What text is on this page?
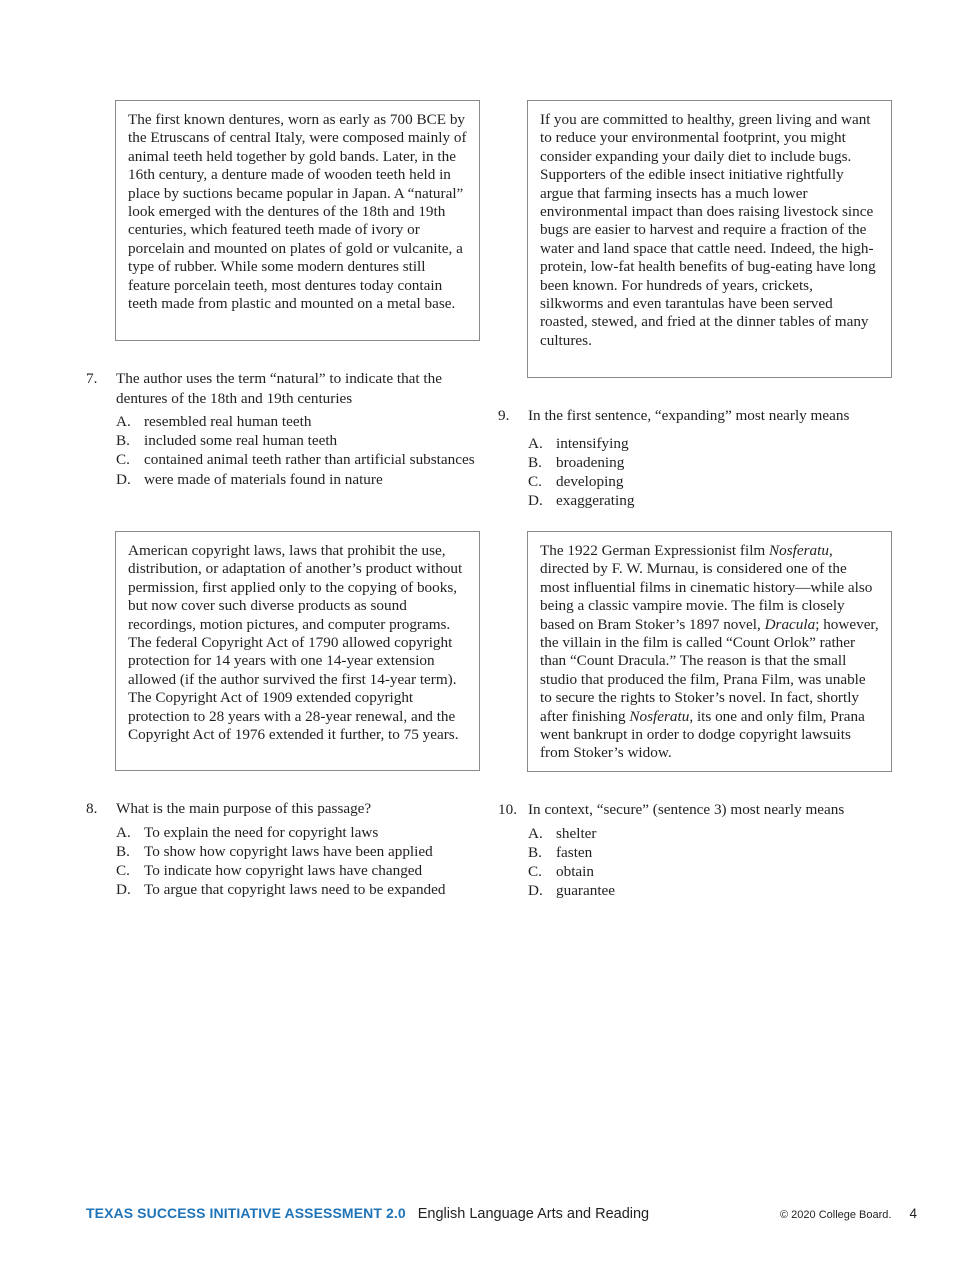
The first known dentures, worn as early as 700 BCE by the Etruscans of central Italy, were composed mainly of animal teeth held together by gold bands. Later, in the 16th century, a denture made of wooden teeth held in place by suctions became popular in Japan. A “natural” look emerged with the dentures of the 18th and 19th centuries, which featured teeth made of ivory or porcelain and mounted on plates of gold or vulcanite, a type of rubber. While some modern dentures still feature porcelain teeth, most dentures today contain teeth made from plastic and mounted on a metal base.
If you are committed to healthy, green living and want to reduce your environmental footprint, you might consider expanding your daily diet to include bugs. Supporters of the edible insect initiative rightfully argue that farming insects has a much lower environmental impact than does raising livestock since bugs are easier to harvest and require a fraction of the water and land space that cattle need. Indeed, the high-protein, low-fat health benefits of bug-eating have long been known. For hundreds of years, crickets, silkworms and even tarantulas have been served roasted, stewed, and fried at the dinner tables of many cultures.
American copyright laws, laws that prohibit the use, distribution, or adaptation of another’s product without permission, first applied only to the copying of books, but now cover such diverse products as sound recordings, motion pictures, and computer programs. The federal Copyright Act of 1790 allowed copyright protection for 14 years with one 14-year extension allowed (if the author survived the first 14-year term). The Copyright Act of 1909 extended copyright protection to 28 years with a 28-year renewal, and the Copyright Act of 1976 extended it further, to 75 years.
The 1922 German Expressionist film Nosferatu, directed by F. W. Murnau, is considered one of the most influential films in cinematic history—while also being a classic vampire movie. The film is closely based on Bram Stoker’s 1897 novel, Dracula; however, the villain in the film is called “Count Orlok” rather than “Count Dracula.” The reason is that the small studio that produced the film, Prana Film, was unable to secure the rights to Stoker’s novel. In fact, shortly after finishing Nosferatu, its one and only film, Prana went bankrupt in order to dodge copyright lawsuits from Stoker’s widow.
7. The author uses the term “natural” to indicate that the dentures of the 18th and 19th centuries
A. resembled real human teeth
B. included some real human teeth
C. contained animal teeth rather than artificial substances
D. were made of materials found in nature
9. In the first sentence, “expanding” most nearly means
A. intensifying
B. broadening
C. developing
D. exaggerating
8. What is the main purpose of this passage?
A. To explain the need for copyright laws
B. To show how copyright laws have been applied
C. To indicate how copyright laws have changed
D. To argue that copyright laws need to be expanded
10. In context, “secure” (sentence 3) most nearly means
A. shelter
B. fasten
C. obtain
D. guarantee
TEXAS SUCCESS INITIATIVE ASSESSMENT 2.0 English Language Arts and Reading	© 2020 College Board. 4
